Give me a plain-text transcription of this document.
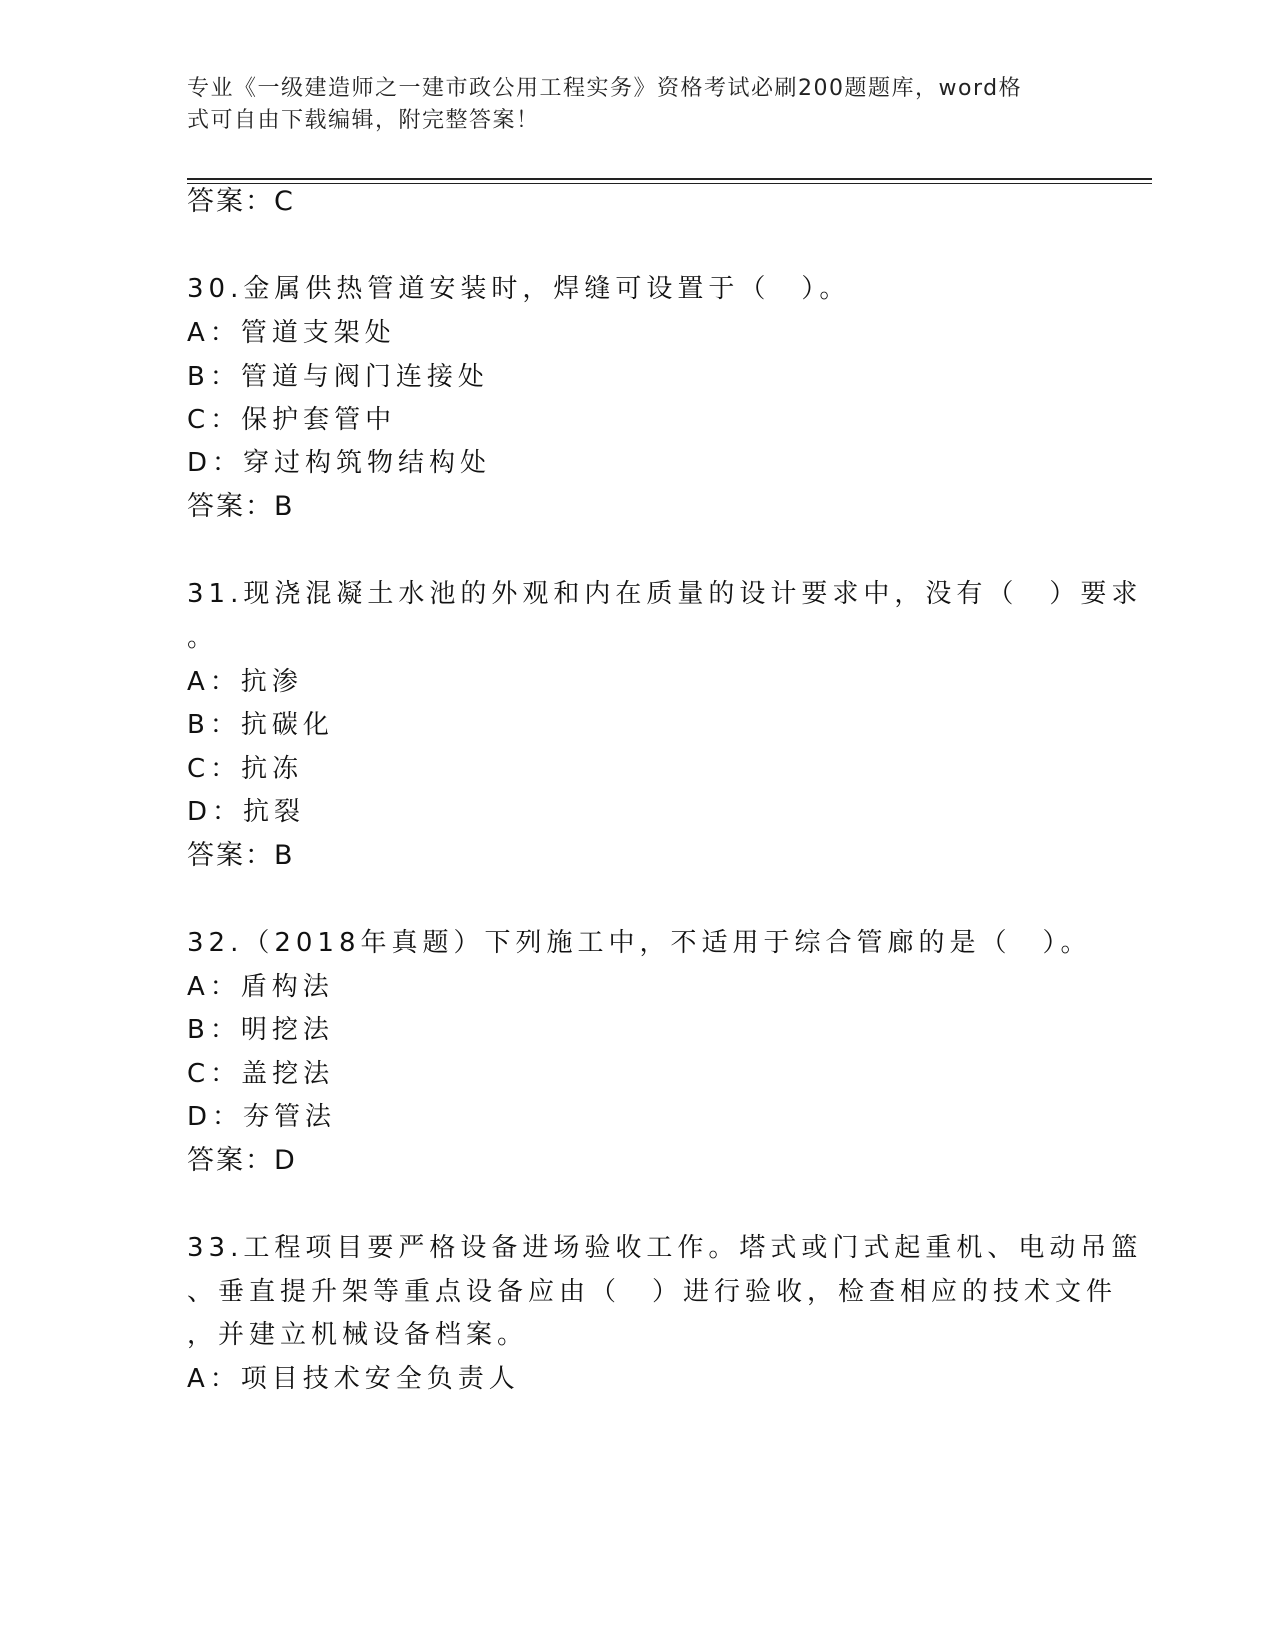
专业《一级建造师之一建市政公用工程实务》资格考试必刷200题题库，word格
式可自由下载编辑，附完整答案！

答案：C

30.金属供热管道安装时，焊缝可设置于（　）。

A：管道支架处

B：管道与阀门连接处

C：保护套管中

D：穿过构筑物结构处

答案：B

31.现浇混凝土水池的外观和内在质量的设计要求中，没有（　）要求

。

A：抗渗

B：抗碳化

C：抗冻

D：抗裂

答案：B

32.（2018年真题）下列施工中，不适用于综合管廊的是（　）。

A：盾构法

B：明挖法

C：盖挖法

D：夯管法

答案：D

33.工程项目要严格设备进场验收工作。塔式或门式起重机、电动吊篮

、垂直提升架等重点设备应由（　）进行验收，检查相应的技术文件

，并建立机械设备档案。

A：项目技术安全负责人
